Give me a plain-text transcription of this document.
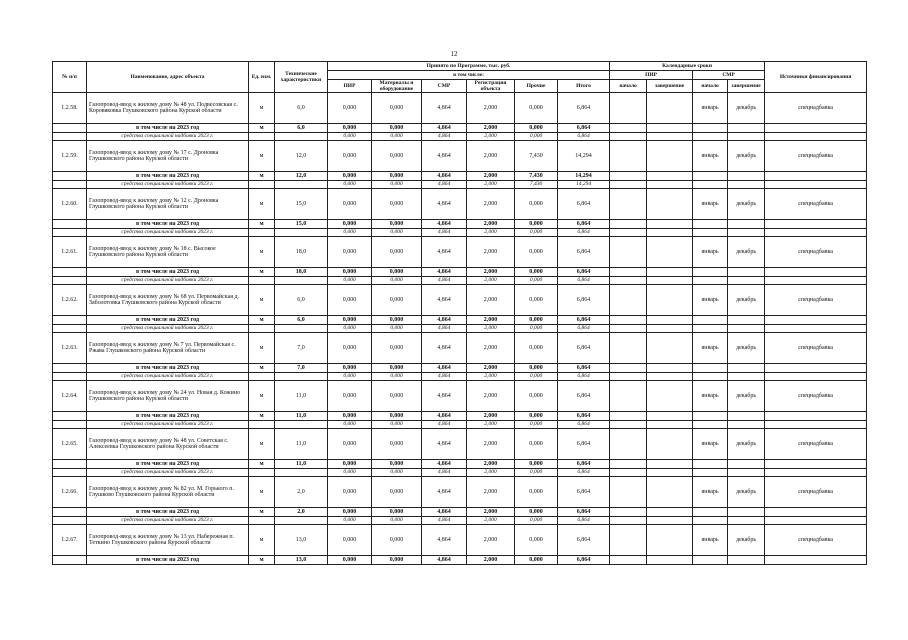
12
№ п/п	Наименование, адрес объекта	Ед. изм.	Технические характеристики	Принято по Программе, тыс. руб.						Календарные сроки				Источники финансирования
				в том числе:						ПИР		СМР		
				ПИР	Материалы и оборудование	СМР	Регистрация объекта	Прочие	Итого	начало	завершение	начало	завершение	
1.2.58.	Газопровод-ввод к жилому дому № 48 ул. Подвесовская с. Коровяковка Глушковского района Курской области	м	6,0	0,000	0,000	4,864	2,000	0,000	6,864			январь	декабрь	спецнадбавка
	в том числе на 2023 год	м	6,0	0,000	0,000	4,864	2,000	0,000	6,864					
	средства специальной надбавки 2023 г.			0,000	0,000	4,864	2,000	0,000	6,864					
1.2.59.	Газопровод-ввод к жилому дому № 17 с. Дроновка Глушковского района Курской области	м	12,0	0,000	0,000	4,864	2,000	7,430	14,294			январь	декабрь	спецнадбавка
	в том числе на 2023 год	м	12,0	0,000	0,000	4,864	2,000	7,430	14,294					
	средства специальной надбавки 2023 г.			0,000	0,000	4,864	2,000	7,430	14,294					
1.2.60.	Газопровод-ввод к жилому дому № 12 с. Дроновка Глушковского района Курской области	м	15,0	0,000	0,000	4,864	2,000	0,000	6,864			январь	декабрь	спецнадбавка
	в том числе на 2023 год	м	15,0	0,000	0,000	4,864	2,000	0,000	6,864					
	средства специальной надбавки 2023 г.			0,000	0,000	4,864	2,000	0,000	6,864					
1.2.61.	Газопровод-ввод к жилому дому № 18 с. Высокое Глушковского района Курской области	м	18,0	0,000	0,000	4,864	2,000	0,000	6,864			январь	декабрь	спецнадбавка
	в том числе на 2023 год	м	18,0	0,000	0,000	4,864	2,000	0,000	6,864					
	средства специальной надбавки 2023 г.			0,000	0,000	4,864	2,000	0,000	6,864					
1.2.62.	Газопровод-ввод к жилому дому № 68 ул. Первомайская д. Заболотовка Глушковского района Курской области	м	6,0	0,000	0,000	4,864	2,000	0,000	6,864			январь	декабрь	спецнадбавка
	в том числе на 2023 год	м	6,0	0,000	0,000	4,864	2,000	0,000	6,864					
	средства специальной надбавки 2023 г.			0,000	0,000	4,864	2,000	0,000	6,864					
1.2.63.	Газопровод-ввод к жилому дому № 7 ул. Первомайская с. Ржава Глушковского района Курской области	м	7,0	0,000	0,000	4,864	2,000	0,000	6,864			январь	декабрь	спецнадбавка
	в том числе на 2023 год	м	7,0	0,000	0,000	4,864	2,000	0,000	6,864					
	средства специальной надбавки 2023 г.			0,000	0,000	4,864	2,000	0,000	6,864					
1.2.64.	Газопровод-ввод к жилому дому № 24 ул. Новая д. Кожино Глушковского района Курской области	м	11,0	0,000	0,000	4,864	2,000	0,000	6,864			январь	декабрь	спецнадбавка
	в том числе на 2023 год	м	11,0	0,000	0,000	4,864	2,000	0,000	6,864					
	средства специальной надбавки 2023 г.			0,000	0,000	4,864	2,000	0,000	6,864					
1.2.65.	Газопровод-ввод к жилому дому № 48 ул. Советская с. Алексеевка Глушковского района Курской области	м	11,0	0,000	0,000	4,864	2,000	0,000	6,864			январь	декабрь	спецнадбавка
	в том числе на 2023 год	м	11,0	0,000	0,000	4,864	2,000	0,000	6,864					
	средства специальной надбавки 2023 г.			0,000	0,000	4,864	2,000	0,000	6,864					
1.2.66.	Газопровод-ввод к жилому дому № 82 ул. М. Горького п. Глушково Глушковского района Курской области	м	2,0	0,000	0,000	4,864	2,000	0,000	6,864			январь	декабрь	спецнадбавка
	в том числе на 2023 год	м	2,0	0,000	0,000	4,864	2,000	0,000	6,864					
	средства специальной надбавки 2023 г.			0,000	0,000	4,864	2,000	0,000	6,864					
1.2.67.	Газопровод-ввод к жилому дому № 13 ул. Набережная п. Теткино Глушковского района Курской области	м	13,0	0,000	0,000	4,864	2,000	0,000	6,864			январь	декабрь	спецнадбавка
	в том числе на 2023 год	м	13,0	0,000	0,000	4,864	2,000	0,000	6,864					
